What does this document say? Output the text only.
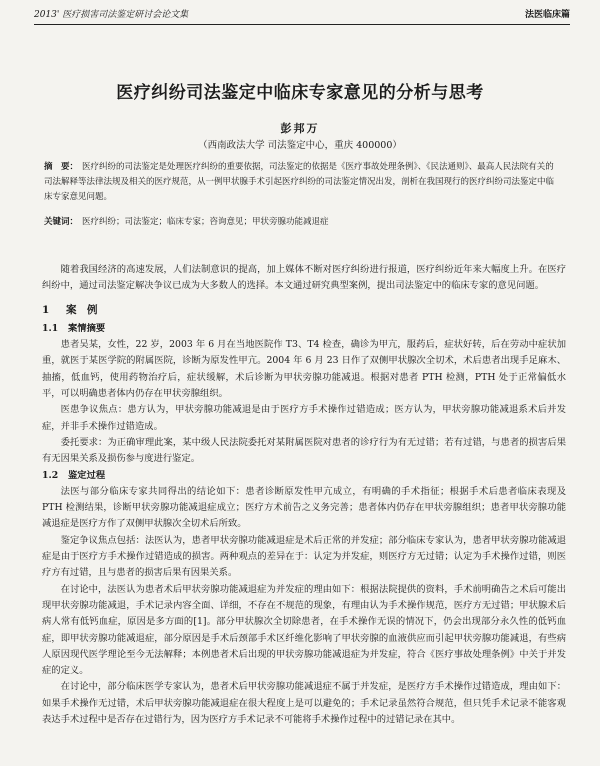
2013' 医疗损害司法鉴定研讨会论文集	法医临床篇
医疗纠纷司法鉴定中临床专家意见的分析与思考
彭邦万
（西南政法大学 司法鉴定中心，重庆 400000）
摘　要： 医疗纠纷的司法鉴定是处理医疗纠纷的重要依据，司法鉴定的依据是《医疗事故处理条例》、《民法通则》、最高人民法院有关的司法解释等法律法规及相关的医疗规范，从一例甲状腺手术引起医疗纠纷的司法鉴定情况出发，剖析在我国现行的医疗纠纷司法鉴定中临床专家意见问题。
关键词： 医疗纠纷；司法鉴定；临床专家；咨询意见；甲状旁腺功能减退症

随着我国经济的高速发展，人们法制意识的提高，加上媒体不断对医疗纠纷进行报道，医疗纠纷近年来大幅度上升。在医疗纠纷中，通过司法鉴定解决争议已成为大多数人的选择。本文通过研究典型案例，提出司法鉴定中的临床专家的意见问题。

1 案　例
1.1 案情摘要

患者吴某，女性，22 岁，2003 年 6 月在当地医院作 T3、T4 检查，确诊为甲亢，服药后，症状好转，后在劳动中症状加重，就医于某医学院的附属医院，诊断为原发性甲亢。2004 年 6 月 23 日作了双侧甲状腺次全切术，术后患者出现手足麻木、抽搐，低血钙，使用药物治疗后，症状缓解，术后诊断为甲状旁腺功能减退。根据对患者 PTH 检测，PTH 处于正常偏低水平，可以明确患者体内仍存在甲状旁腺组织。

医患争议焦点：患方认为，甲状旁腺功能减退是由于医疗方手术操作过错造成；医方认为，甲状旁腺功能减退系术后并发症，并非手术操作过错造成。

委托要求：为正确审理此案，某中级人民法院委托对某附属医院对患者的诊疗行为有无过错；若有过错，与患者的损害后果有无因果关系及损伤参与度进行鉴定。

1.2 鉴定过程

法医与部分临床专家共同得出的结论如下：患者诊断原发性甲亢成立，有明确的手术指征；根据手术后患者临床表现及 PTH 检测结果，诊断甲状旁腺功能减退症成立；医疗方术前告之义务完善；患者体内仍存在甲状旁腺组织；患者甲状旁腺功能减退症是医疗方作了双侧甲状腺次全切术后所致。

鉴定争议焦点包括：法医认为，患者甲状旁腺功能减退症是术后正常的并发症；部分临床专家认为，患者甲状旁腺功能减退症是由于医疗方手术操作过错造成的损害。两种观点的差异在于：认定为并发症，则医疗方无过错；认定为手术操作过错，则医疗方有过错，且与患者的损害后果有因果关系。

在讨论中，法医认为患者术后甲状旁腺功能减退症为并发症的理由如下：根据法院提供的资料，手术前明确告之术后可能出现甲状旁腺功能减退，手术记录内容全面、详细，不存在不规范的现象，有理由认为手术操作规范，医疗方无过错；甲状腺术后病人常有低钙血症，原因是多方面的[1]。部分甲状腺次全切除患者，在手术操作无误的情况下，仍会出现部分永久性的低钙血症，即甲状旁腺功能减退症，部分原因是手术后颈部手术区纤维化影响了甲状旁腺的血液供应而引起甲状旁腺功能减退，有些病人原因现代医学理论至今无法解释；本例患者术后出现的甲状旁腺功能减退症为并发症，符合《医疗事故处理条例》中关于并发症的定义。

在讨论中，部分临床医学专家认为，患者术后甲状旁腺功能减退症不属于并发症，是医疗方手术操作过错造成，理由如下：如果手术操作无过错，术后甲状旁腺功能减退症在很大程度上是可以避免的；手术记录虽然符合规范，但只凭手术记录不能客观表达手术过程中是否存在过错行为，因为医疗方手术记录不可能将手术操作过程中的过错记录在其中。
